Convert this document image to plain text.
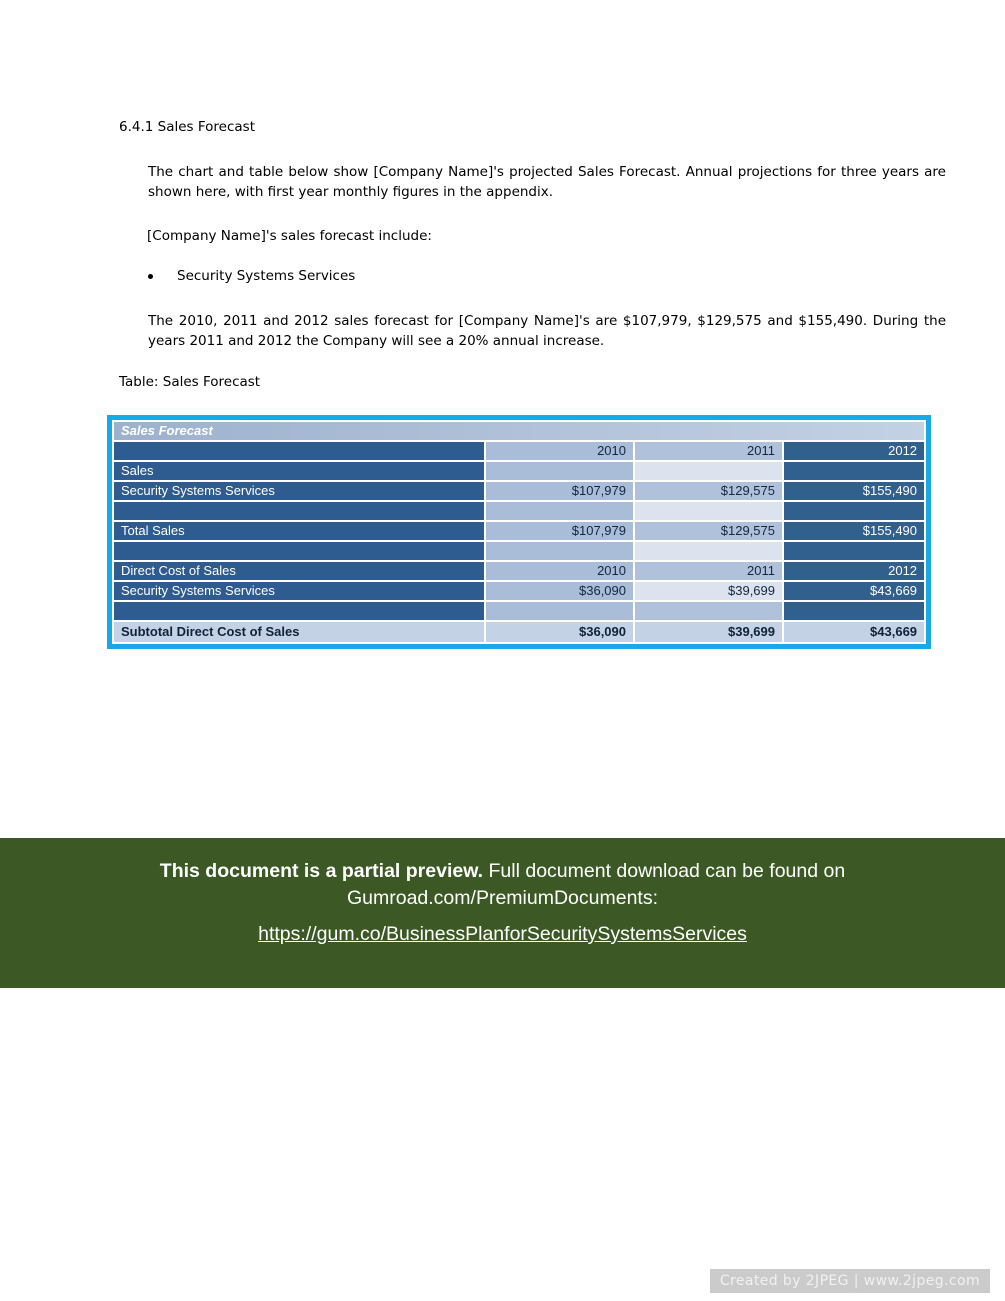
6.4.1 Sales Forecast
The chart and table below show [Company Name]'s projected Sales Forecast. Annual projections for three years are shown here, with first year monthly figures in the appendix.
[Company Name]'s sales forecast include:
Security Systems Services
The 2010, 2011 and 2012 sales forecast for [Company Name]'s are $107,979, $129,575 and $155,490. During the years 2011 and 2012 the Company will see a 20% annual increase.
Table: Sales Forecast
Sales Forecast			
	2010	2011	2012
Sales			
Security Systems Services	$107,979	$129,575	$155,490

Total Sales	$107,979	$129,575	$155,490

Direct Cost of Sales	2010	2011	2012
Security Systems Services	$36,090	$39,699	$43,669

Subtotal Direct Cost of Sales	$36,090	$39,699	$43,669
This document is a partial preview. Full document download can be found on
Gumroad.com/PremiumDocuments:
https://gum.co/BusinessPlanforSecuritySystemsServices
Created by 2JPEG | www.2jpeg.com
